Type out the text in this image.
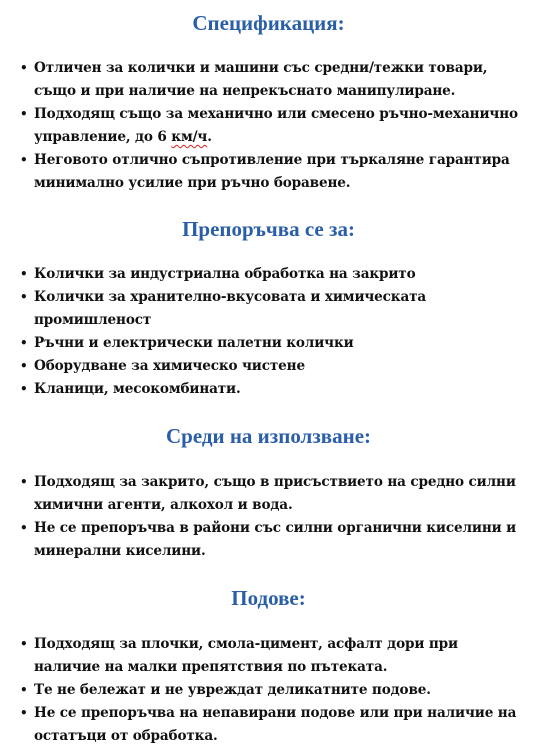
Спецификация:
• Отличен за колички и машини със средни/тежки товари, също и при наличие на непрекъснато манипулиране.
• Подходящ също за механично или смесено ръчно-механично управление, до 6 км/ч.
• Неговото отлично съпротивление при търкаляне гарантира минимално усилие при ръчно боравене.
Препоръчва се за:
• Колички за индустриална обработка на закрито
• Колички за хранително-вкусовата и химическата промишленост
• Ръчни и електрически палетни колички
• Оборудване за химическо чистене
• Кланици, месокомбинати.
Среди на използване:
• Подходящ за закрито, също в присъствието на средно силни химични агенти, алкохол и вода.
• Не се препоръчва в райони със силни органични киселини и минерални киселини.
Подове:
• Подходящ за плочки, смола-цимент, асфалт дори при наличие на малки препятствия по пътеката.
• Те не бележат и не увреждат деликатните подове.
• Не се препоръчва на непавирани подове или при наличие на остатъци от обработка.
